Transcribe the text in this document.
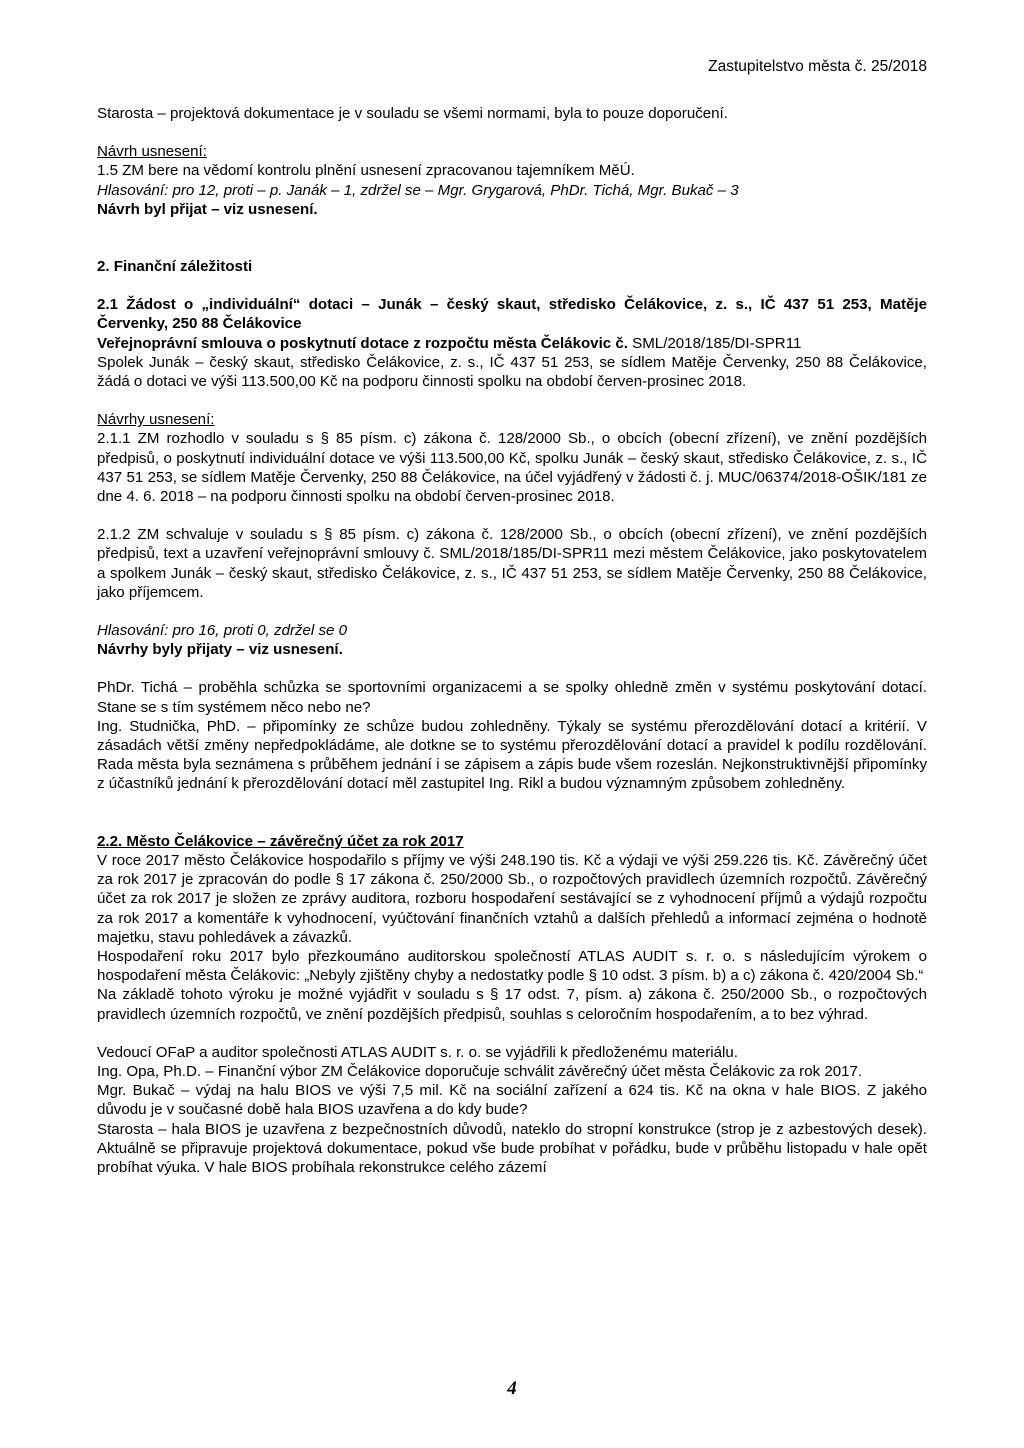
Zastupitelstvo města č. 25/2018

Starosta – projektová dokumentace je v souladu se všemi normami, byla to pouze doporučení.

Návrh usnesení:

1.5 ZM bere na vědomí kontrolu plnění usnesení zpracovanou tajemníkem MěÚ.

Hlasování: pro 12, proti – p. Janák – 1, zdržel se – Mgr. Grygarová, PhDr. Tichá, Mgr. Bukač – 3

Návrh byl přijat – viz usnesení.

2. Finanční záležitosti

2.1 Žádost o „individuální“ dotaci – Junák – český skaut, středisko Čelákovice, z. s., IČ 437 51 253, Matěje Červenky, 250 88 Čelákovice

Veřejnoprávní smlouva o poskytnutí dotace z rozpočtu města Čelákovic č. SML/2018/185/DI-SPR11

Spolek Junák – český skaut, středisko Čelákovice, z. s., IČ 437 51 253, se sídlem Matěje Červenky, 250 88 Čelákovice, žádá o dotaci ve výši 113.500,00 Kč na podporu činnosti spolku na období červen-prosinec 2018.

Návrhy usnesení:

2.1.1 ZM rozhodlo v souladu s § 85 písm. c) zákona č. 128/2000 Sb., o obcích (obecní zřízení), ve znění pozdějších předpisů, o poskytnutí individuální dotace ve výši 113.500,00 Kč, spolku Junák – český skaut, středisko Čelákovice, z. s., IČ 437 51 253, se sídlem Matěje Červenky, 250 88 Čelákovice, na účel vyjádřený v žádosti č. j. MUC/06374/2018-OŠIK/181 ze dne 4. 6. 2018 – na podporu činnosti spolku na období červen-prosinec 2018.

2.1.2 ZM schvaluje v souladu s § 85 písm. c) zákona č. 128/2000 Sb., o obcích (obecní zřízení), ve znění pozdějších předpisů, text a uzavření veřejnoprávní smlouvy č. SML/2018/185/DI-SPR11 mezi městem Čelákovice, jako poskytovatelem a spolkem Junák – český skaut, středisko Čelákovice, z. s., IČ 437 51 253, se sídlem Matěje Červenky, 250 88 Čelákovice, jako příjemcem.

Hlasování: pro 16, proti 0, zdržel se 0

Návrhy byly přijaty – viz usnesení.

PhDr. Tichá – proběhla schůzka se sportovními organizacemi a se spolky ohledně změn v systému poskytování dotací. Stane se s tím systémem něco nebo ne?

Ing. Studnička, PhD. – připomínky ze schůze budou zohledněny. Týkaly se systému přerozdělování dotací a kritérií. V zásadách větší změny nepředpokládáme, ale dotkne se to systému přerozdělování dotací a pravidel k podílu rozdělování. Rada města byla seznámena s průběhem jednání i se zápisem a zápis bude všem rozeslán. Nejkonstruktivnější připomínky z účastníků jednání k přerozdělování dotací měl zastupitel Ing. Rikl a budou významným způsobem zohledněny.

2.2. Město Čelákovice – závěrečný účet za rok 2017

V roce 2017 město Čelákovice hospodařilo s příjmy ve výši 248.190 tis. Kč a výdaji ve výši 259.226 tis. Kč. Závěrečný účet za rok 2017 je zpracován do podle § 17 zákona č. 250/2000 Sb., o rozpočtových pravidlech územních rozpočtů. Závěrečný účet za rok 2017 je složen ze zprávy auditora, rozboru hospodaření sestávající se z vyhodnocení příjmů a výdajů rozpočtu za rok 2017 a komentáře k vyhodnocení, vyúčtování finančních vztahů a dalších přehledů a informací zejména o hodnotě majetku, stavu pohledávek a závazků.

Hospodaření roku 2017 bylo přezkoumáno auditorskou společností ATLAS AUDIT s. r. o. s následujícím výrokem o hospodaření města Čelákovic: „Nebyly zjištěny chyby a nedostatky podle § 10 odst. 3 písm. b) a c) zákona č. 420/2004 Sb.“

Na základě tohoto výroku je možné vyjádřit v souladu s § 17 odst. 7, písm. a) zákona č. 250/2000 Sb., o rozpočtových pravidlech územních rozpočtů, ve znění pozdějších předpisů, souhlas s celoročním hospodařením, a to bez výhrad.

Vedoucí OFaP a auditor společnosti ATLAS AUDIT s. r. o. se vyjádřili k předloženému materiálu.

Ing. Opa, Ph.D. – Finanční výbor ZM Čelákovice doporučuje schválit závěrečný účet města Čelákovic za rok 2017.

Mgr. Bukač – výdaj na halu BIOS ve výši 7,5 mil. Kč na sociální zařízení a 624 tis. Kč na okna v hale BIOS. Z jakého důvodu je v současné době hala BIOS uzavřena a do kdy bude?

Starosta – hala BIOS je uzavřena z bezpečnostních důvodů, nateklo do stropní konstrukce (strop je z azbestových desek). Aktuálně se připravuje projektová dokumentace, pokud vše bude probíhat v pořádku, bude v průběhu listopadu v hale opět probíhat výuka. V hale BIOS probíhala rekonstrukce celého zázemí

4
